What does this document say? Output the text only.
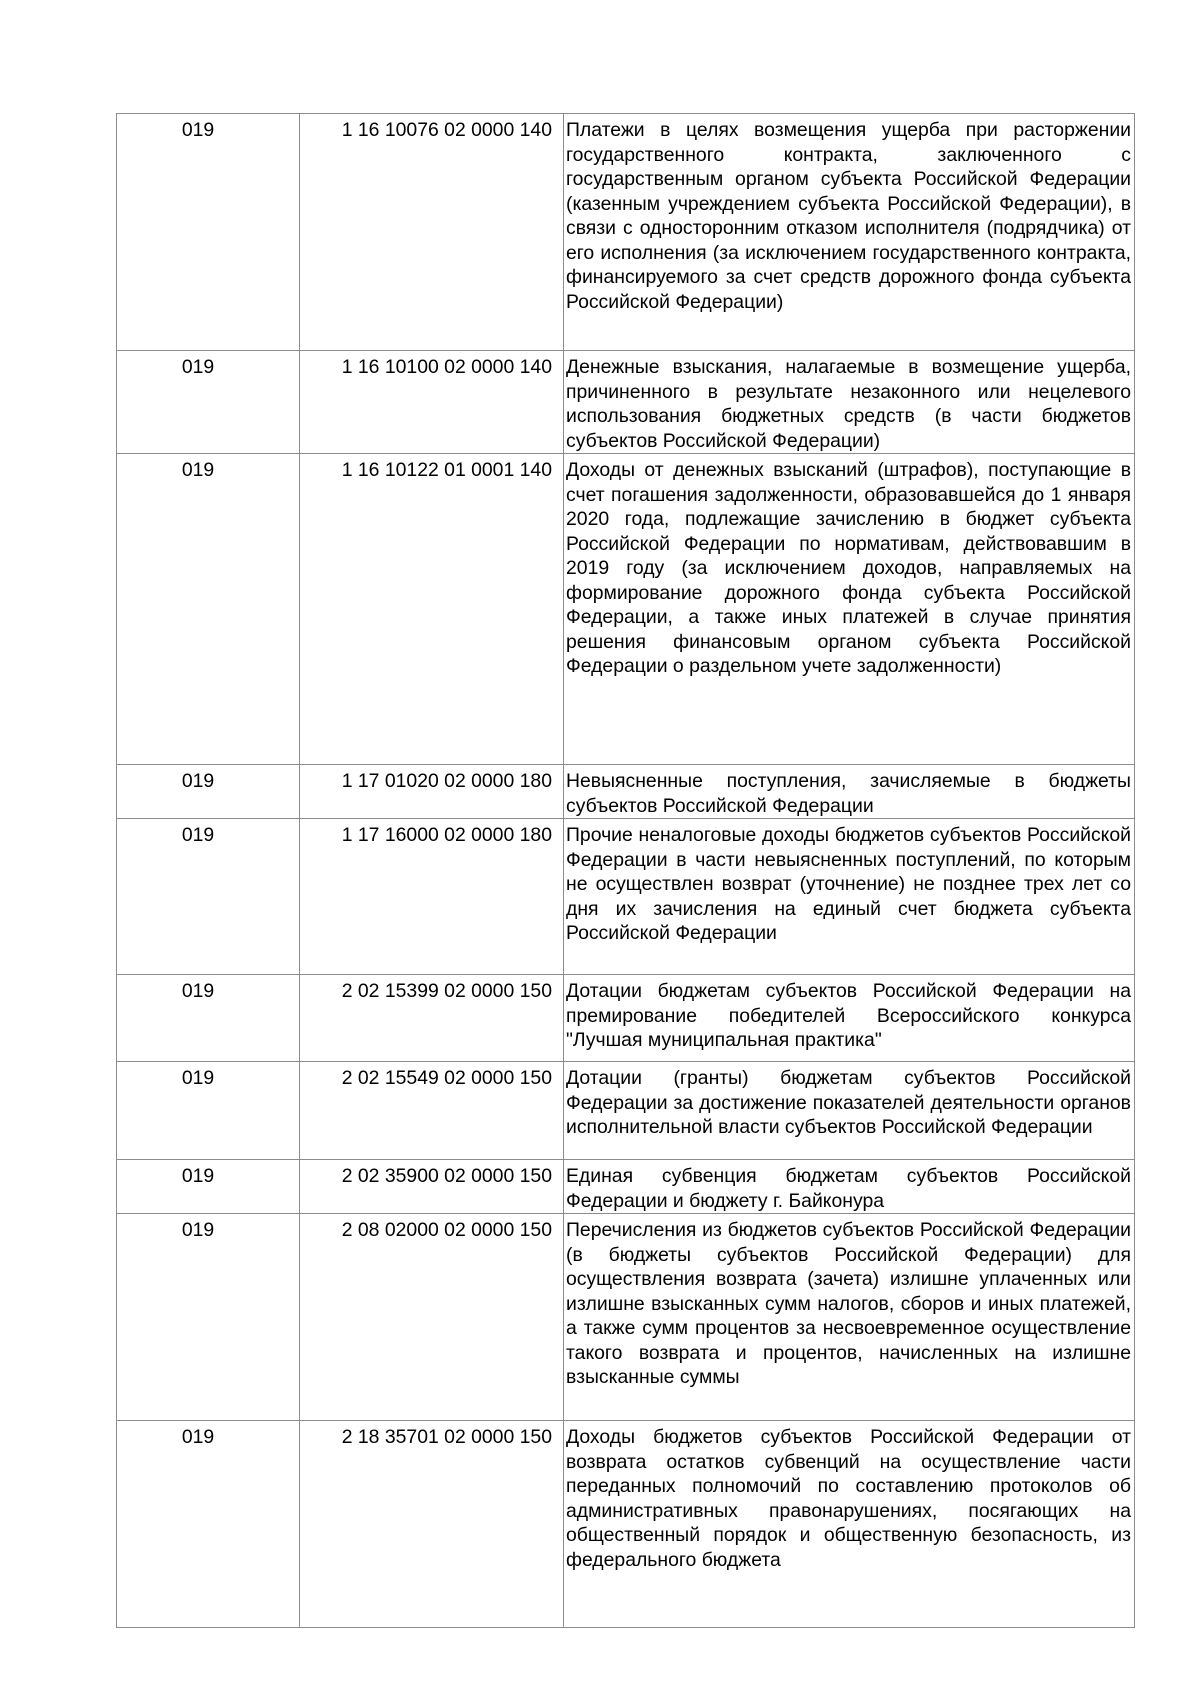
019	1 16 10076 02 0000 140	Платежи в целях возмещения ущерба при расторжении государственного контракта, заключенного с государственным органом субъекта Российской Федерации (казенным учреждением субъекта Российской Федерации), в связи с односторонним отказом исполнителя (подрядчика) от его исполнения (за исключением государственного контракта, финансируемого за счет средств дорожного фонда субъекта Российской Федерации)

019	1 16 10100 02 0000 140	Денежные взыскания, налагаемые в возмещение ущерба, причиненного в результате незаконного или нецелевого использования бюджетных средств (в части бюджетов субъектов Российской Федерации)

019	1 16 10122 01 0001 140	Доходы от денежных взысканий (штрафов), поступающие в счет погашения задолженности, образовавшейся до 1 января 2020 года, подлежащие зачислению в бюджет субъекта Российской Федерации по нормативам, действовавшим в 2019 году (за исключением доходов, направляемых на формирование дорожного фонда субъекта Российской Федерации, а также иных платежей в случае принятия решения финансовым органом субъекта Российской Федерации о раздельном учете задолженности)

019	1 17 01020 02 0000 180	Невыясненные поступления, зачисляемые в бюджеты субъектов Российской Федерации

019	1 17 16000 02 0000 180	Прочие неналоговые доходы бюджетов субъектов Российской Федерации в части невыясненных поступлений, по которым не осуществлен возврат (уточнение) не позднее трех лет со дня их зачисления на единый счет бюджета субъекта Российской Федерации

019	2 02 15399 02 0000 150	Дотации бюджетам субъектов Российской Федерации на премирование победителей Всероссийского конкурса "Лучшая муниципальная практика"

019	2 02 15549 02 0000 150	Дотации (гранты) бюджетам субъектов Российской Федерации за достижение показателей деятельности органов исполнительной власти субъектов Российской Федерации

019	2 02 35900 02 0000 150	Единая субвенция бюджетам субъектов Российской Федерации и бюджету г. Байконура

019	2 08 02000 02 0000 150	Перечисления из бюджетов субъектов Российской Федерации (в бюджеты субъектов Российской Федерации) для осуществления возврата (зачета) излишне уплаченных или излишне взысканных сумм налогов, сборов и иных платежей, а также сумм процентов за несвоевременное осуществление такого возврата и процентов, начисленных на излишне взысканные суммы

019	2 18 35701 02 0000 150	Доходы бюджетов субъектов Российской Федерации от возврата остатков субвенций на осуществление части переданных полномочий по составлению протоколов об административных правонарушениях, посягающих на общественный порядок и общественную безопасность, из федерального бюджета
